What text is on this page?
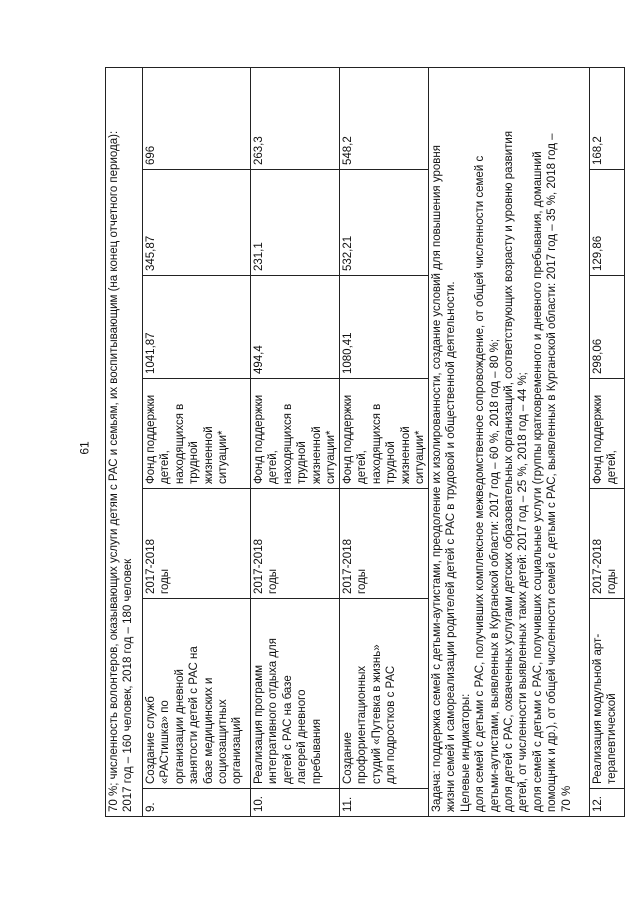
61 70 %; численность волонтеров, оказывающих услуги детям с РАС и семьям, их воспитывающим (на конец отчетного периода): 2017 год – 160 человек, 2018 год – 180 человек 9.
Создание служб «РАСтишка» по организации дневной занятости детей с РАС на базе медицинских и социозащитных организаций
2017-2018 годы
Фонд поддержки детей, находящихся в трудной жизненной ситуации*
1041,87
345,87
696
10.
Реализация программ интегративного отдыха для детей с РАС на базе лагерей дневного пребывания
2017-2018 годы
Фонд поддержки детей, находящихся в трудной жизненной ситуации*
494,4
231,1
263,3
11.
Создание профориентационных студий «Путевка в жизнь» для подростков с РАС
2017-2018 годы
Фонд поддержки детей, находящихся в трудной жизненной ситуации*
1080,41
532,21
548,2	Задача: поддержка семей с детьми-аутистами, преодоление их изолированности, создание условий для повышения уровня жизни семей и самореализации родителей детей с РАС в трудовой и общественной деятельности. Целевые индикаторы: доля семей с детьми с РАС, получивших комплексное межведомственное сопровождение, от общей численности семей с детьми-аутистами, выявленных в Курганской области: 2017 год – 60 %, 2018 год – 80 %; доля детей с РАС, охваченных услугами детских образовательных организаций, соответствующих возрасту и уровню развития детей, от численности выявленных таких детей: 2017 год – 25 %, 2018 год – 44 %; доля семей с детьми с РАС, получивших социальные услуги (группы кратковременного и дневного пребывания, домашний помощник и др.), от общей численности семей с детьми с РАС, выявленных в Курганской области: 2017 год – 35 %, 2018 год – 70 % 12.
Реализация модульной арт- терапевтической
2017-2018 годы
Фонд поддержки детей,
298,06
129,86
168,2
